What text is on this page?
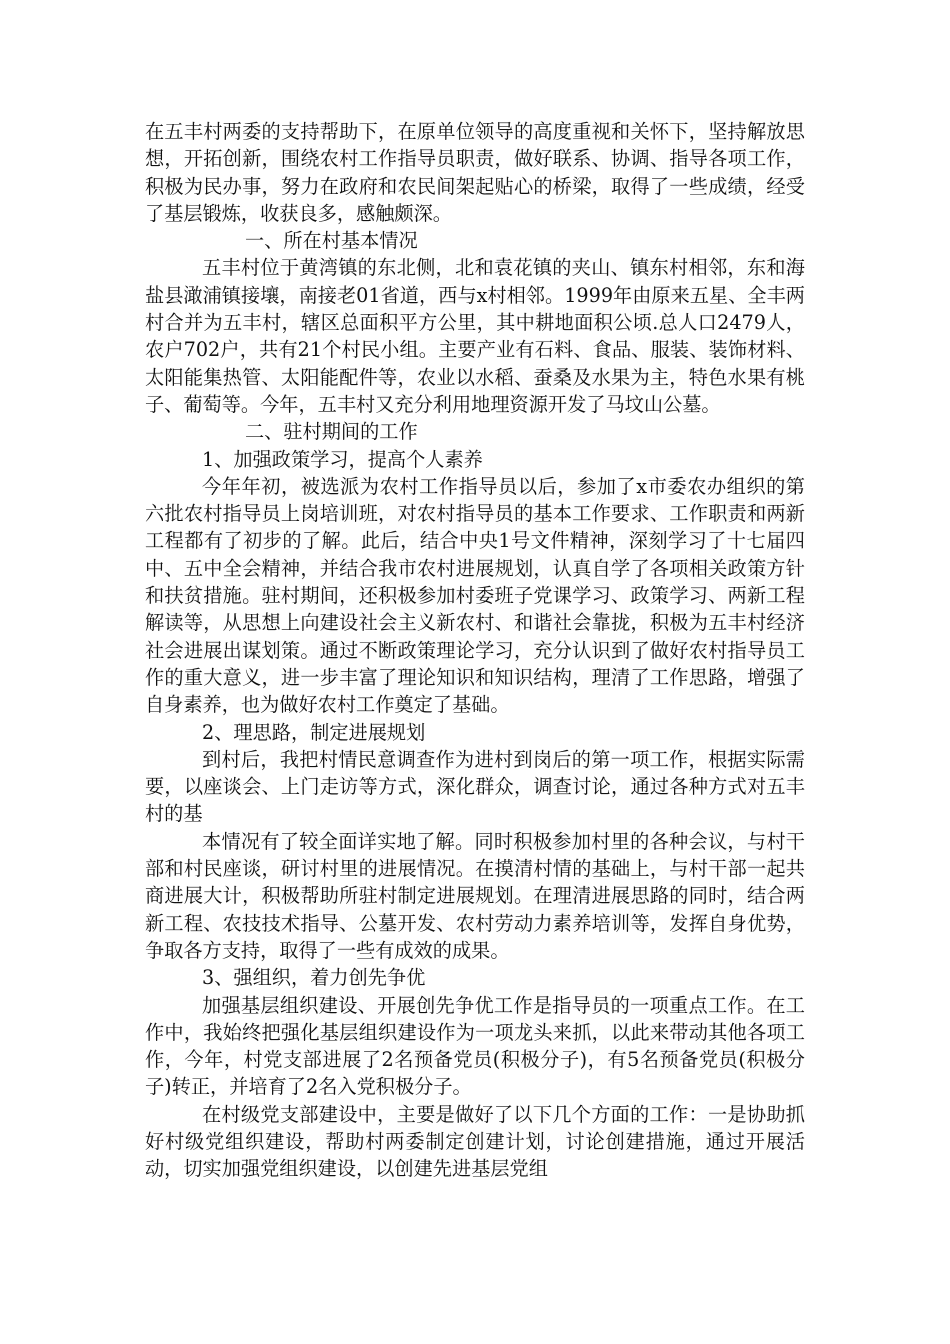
在五丰村两委的支持帮助下，在原单位领导的高度重视和关怀下，坚持解放思想，开拓创新，围绕农村工作指导员职责，做好联系、协调、指导各项工作，积极为民办事，努力在政府和农民间架起贴心的桥梁，取得了一些成绩，经受了基层锻炼，收获良多，感触颇深。

一、所在村基本情况

五丰村位于黄湾镇的东北侧，北和袁花镇的夹山、镇东村相邻，东和海盐县澉浦镇接壤，南接老01省道，西与x村相邻。1999年由原来五星、全丰两村合并为五丰村，辖区总面积平方公里，其中耕地面积公顷.总人口2479人，农户702户，共有21个村民小组。主要产业有石料、食品、服装、装饰材料、太阳能集热管、太阳能配件等，农业以水稻、蚕桑及水果为主，特色水果有桃子、葡萄等。今年，五丰村又充分利用地理资源开发了马坟山公墓。

二、驻村期间的工作

1、加强政策学习，提高个人素养

今年年初，被选派为农村工作指导员以后，参加了x市委农办组织的第六批农村指导员上岗培训班，对农村指导员的基本工作要求、工作职责和两新工程都有了初步的了解。此后，结合中央1号文件精神，深刻学习了十七届四中、五中全会精神，并结合我市农村进展规划，认真自学了各项相关政策方针和扶贫措施。驻村期间，还积极参加村委班子党课学习、政策学习、两新工程解读等，从思想上向建设社会主义新农村、和谐社会靠拢，积极为五丰村经济社会进展出谋划策。通过不断政策理论学习，充分认识到了做好农村指导员工作的重大意义，进一步丰富了理论知识和知识结构，理清了工作思路，增强了自身素养，也为做好农村工作奠定了基础。

2、理思路，制定进展规划

到村后，我把村情民意调查作为进村到岗后的第一项工作，根据实际需要，以座谈会、上门走访等方式，深化群众，调查讨论，通过各种方式对五丰村的基

本情况有了较全面详实地了解。同时积极参加村里的各种会议，与村干部和村民座谈，研讨村里的进展情况。在摸清村情的基础上，与村干部一起共商进展大计，积极帮助所驻村制定进展规划。在理清进展思路的同时，结合两新工程、农技技术指导、公墓开发、农村劳动力素养培训等，发挥自身优势，争取各方支持，取得了一些有成效的成果。

3、强组织，着力创先争优

加强基层组织建设、开展创先争优工作是指导员的一项重点工作。在工作中，我始终把强化基层组织建设作为一项龙头来抓，以此来带动其他各项工作，今年，村党支部进展了2名预备党员(积极分子)，有5名预备党员(积极分子)转正，并培育了2名入党积极分子。

在村级党支部建设中，主要是做好了以下几个方面的工作：一是协助抓好村级党组织建设，帮助村两委制定创建计划，讨论创建措施，通过开展活动，切实加强党组织建设，以创建先进基层党组
